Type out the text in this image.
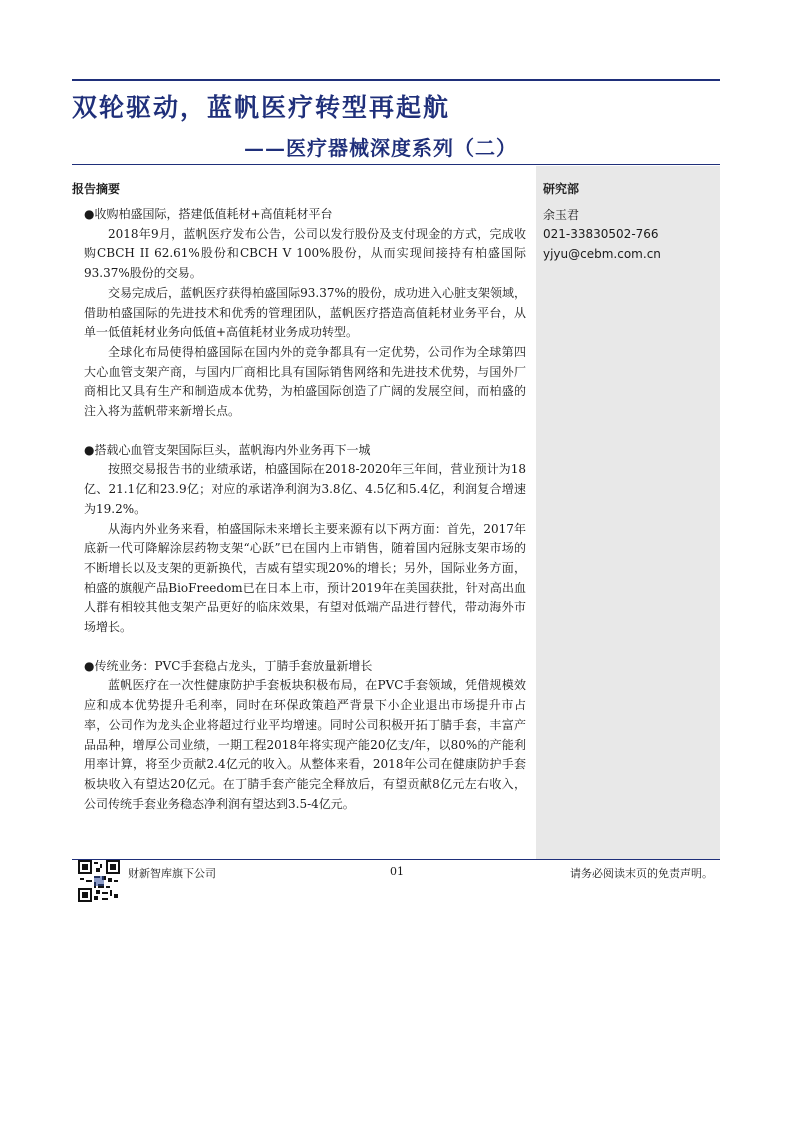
双轮驱动，蓝帆医疗转型再起航
——医疗器械深度系列（二）
研究部
余玉君
021-33830502-766
yjyu@cebm.com.cn
报告摘要

●收购柏盛国际，搭建低值耗材+高值耗材平台

2018年9月，蓝帆医疗发布公告，公司以发行股份及支付现金的方式，完成收购CBCH II 62.61%股份和CBCH V 100%股份，从而实现间接持有柏盛国际93.37%股份的交易。

交易完成后，蓝帆医疗获得柏盛国际93.37%的股份，成功进入心脏支架领域，借助柏盛国际的先进技术和优秀的管理团队，蓝帆医疗搭造高值耗材业务平台，从单一低值耗材业务向低值+高值耗材业务成功转型。

全球化布局使得柏盛国际在国内外的竞争都具有一定优势，公司作为全球第四大心血管支架产商，与国内厂商相比具有国际销售网络和先进技术优势，与国外厂商相比又具有生产和制造成本优势，为柏盛国际创造了广阔的发展空间，而柏盛的注入将为蓝帆带来新增长点。

●搭载心血管支架国际巨头，蓝帆海内外业务再下一城

按照交易报告书的业绩承诺，柏盛国际在2018-2020年三年间，营业预计为18亿、21.1亿和23.9亿；对应的承诺净利润为3.8亿、4.5亿和5.4亿，利润复合增速为19.2%。

从海内外业务来看，柏盛国际未来增长主要来源有以下两方面：首先，2017年底新一代可降解涂层药物支架“心跃”已在国内上市销售，随着国内冠脉支架市场的不断增长以及支架的更新换代，吉威有望实现20%的增长；另外，国际业务方面，柏盛的旗舰产品BioFreedom已在日本上市，预计2019年在美国获批，针对高出血人群有相较其他支架产品更好的临床效果，有望对低端产品进行替代，带动海外市场增长。

●传统业务：PVC手套稳占龙头，丁腈手套放量新增长

蓝帆医疗在一次性健康防护手套板块积极布局，在PVC手套领域，凭借规模效应和成本优势提升毛利率，同时在环保政策趋严背景下小企业退出市场提升市占率，公司作为龙头企业将超过行业平均增速。同时公司积极开拓丁腈手套，丰富产品品种，增厚公司业绩，一期工程2018年将实现产能20亿支/年，以80%的产能利用率计算，将至少贡献2.4亿元的收入。从整体来看，2018年公司在健康防护手套板块收入有望达20亿元。在丁腈手套产能完全释放后，有望贡献8亿元左右收入，公司传统手套业务稳态净利润有望达到3.5-4亿元。

财新智库旗下公司	01	请务必阅读末页的免责声明。
